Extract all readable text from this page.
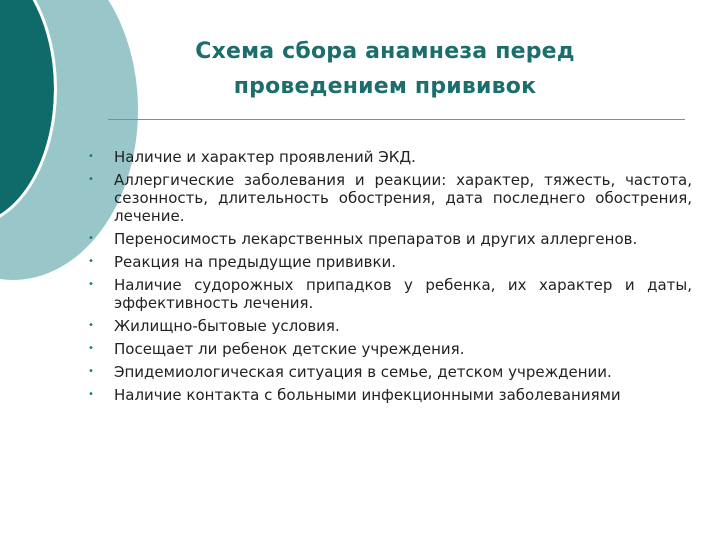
Схема сбора анамнеза перед
проведением прививок
• Наличие и характер проявлений ЭКД.
• Аллергические заболевания и реакции: характер, тяжесть, частота, сезонность, длительность обострения, дата последнего обострения, лечение.
• Переносимость лекарственных препаратов и других аллергенов.
• Реакция на предыдущие прививки.
• Наличие судорожных припадков у ребенка, их характер и даты, эффективность лечения.
• Жилищно-бытовые условия.
• Посещает ли ребенок детские учреждения.
• Эпидемиологическая ситуация в семье, детском учреждении.
• Наличие контакта с больными инфекционными заболеваниями
